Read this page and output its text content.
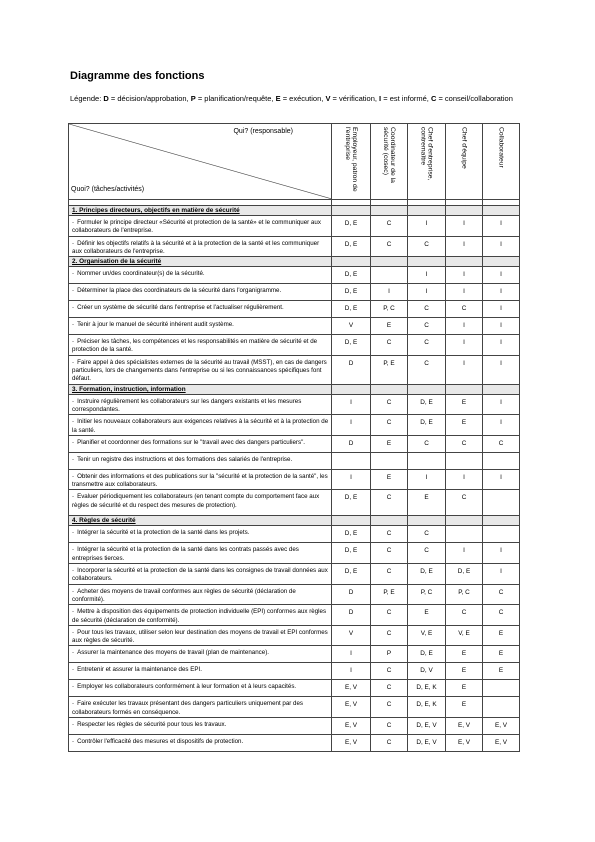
Diagramme des fonctions
Légende: D = décision/approbation, P = planification/requête, E = exécution, V = vérification, I = est informé, C = conseil/collaboration
Qui? (responsable)
Quoi? (tâches/activités)	Employeur, patron de l'entreprise	Coordinateur de la sécurité (cosec)	Chef d'entreprise, contremaître	Chef d'équipe	Collaborateur

1. Principes directeurs, objectifs en matière de sécurité					
- Formuler le principe directeur «Sécurité et protection de la santé» et le communiquer aux collaborateurs de l'entreprise.	D, E	C	I	I	I
- Définir les objectifs relatifs à la sécurité et à la protection de la santé et les communiquer aux collaborateurs de l'entreprise.	D, E	C	C	I	I
2. Organisation de la sécurité					
- Nommer un/des coordinateur(s) de la sécurité.	D, E		I	I	I
- Déterminer la place des coordinateurs de la sécurité dans l'organigramme.	D, E	I	I	I	I
- Créer un système de sécurité dans l'entreprise et l'actualiser régulièrement.	D, E	P, C	C	C	I
- Tenir à jour le manuel de sécurité inhérent audit système.	V	E	C	I	I
- Préciser les tâches, les compétences et les responsabilités en matière de sécurité et de protection de la santé.	D, E	C	C	I	I
- Faire appel à des spécialistes externes de la sécurité au travail (MSST), en cas de dangers particuliers, lors de changements dans l'entreprise ou si les connaissances spécifiques font défaut.	D	P, E	C	I	I
3. Formation, instruction, information					
- Instruire régulièrement les collaborateurs sur les dangers existants et les mesures correspondantes.	I	C	D, E	E	I
- Initier les nouveaux collaborateurs aux exigences relatives à la sécurité et à la protection de la santé.	I	C	D, E	E	I
- Planifier et coordonner des formations sur le "travail avec des dangers particuliers".	D	E	C	C	C
- Tenir un registre des instructions et des formations des salariés de l'entreprise.					
- Obtenir des informations et des publications sur la "sécurité et la protection de la santé", les transmettre aux collaborateurs.	I	E	I	I	I
- Evaluer périodiquement les collaborateurs (en tenant compte du comportement face aux règles de sécurité et du respect des mesures de protection).	D, E	C	E	C	
4. Règles de sécurité					
- Intégrer la sécurité et la protection de la santé dans les projets.	D, E	C	C		
- Intégrer la sécurité et la protection de la santé dans les contrats passés avec des entreprises tierces.	D, E	C	C	I	I
- Incorporer la sécurité et la protection de la santé dans les consignes de travail données aux collaborateurs.	D, E	C	D, E	D, E	I
- Acheter des moyens de travail conformes aux règles de sécurité (déclaration de conformité).	D	P, E	P, C	P, C	C
- Mettre à disposition des équipements de protection individuelle (EPI) conformes aux règles de sécurité (déclaration de conformité).	D	C	E	C	C
- Pour tous les travaux, utiliser selon leur destination des moyens de travail et EPI conformes aux règles de sécurité.	V	C	V, E	V, E	E
- Assurer la maintenance des moyens de travail (plan de maintenance).	I	P	D, E	E	E
- Entretenir et assurer la maintenance des EPI.	I	C	D, V	E	E
- Employer les collaborateurs conformément à leur formation et à leurs capacités.	E, V	C	D, E, K	E	
- Faire exécuter les travaux présentant des dangers particuliers uniquement par des collaborateurs formés en conséquence.	E, V	C	D, E, K	E	
- Respecter les règles de sécurité pour tous les travaux.	E, V	C	D, E, V	E, V	E, V
- Contrôler l'efficacité des mesures et dispositifs de protection.	E, V	C	D, E, V	E, V	E, V
